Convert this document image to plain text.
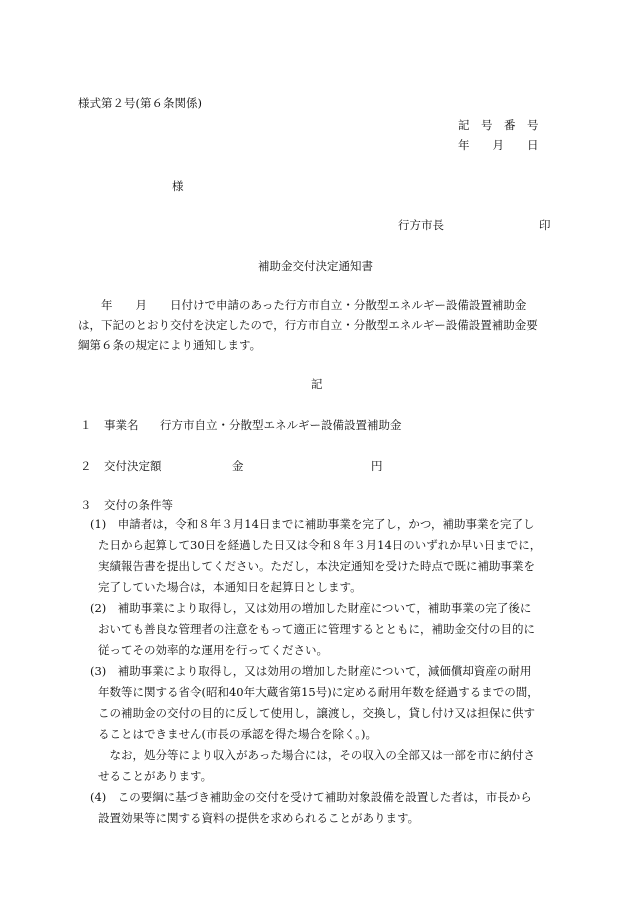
様式第２号(第６条関係)
記　号　番　号
年　　月　　日
様
行方市長	印
補助金交付決定通知書
　　年　　月　　日付けで申請のあった行方市自立・分散型エネルギー設備設置補助金
は，下記のとおり交付を決定したので，行方市自立・分散型エネルギー設備設置補助金要
綱第６条の規定により通知します。
記
１ 事業名 行方市自立・分散型エネルギー設備設置補助金
２ 交付決定額	金	円
３ 交付の条件等
(1)　申請者は，令和８年３月14日までに補助事業を完了し，かつ，補助事業を完了し
た日から起算して30日を経過した日又は令和８年３月14日のいずれか早い日までに，
実績報告書を提出してください。ただし，本決定通知を受けた時点で既に補助事業を
完了していた場合は，本通知日を起算日とします。
(2)　補助事業により取得し，又は効用の増加した財産について，補助事業の完了後に
おいても善良な管理者の注意をもって適正に管理するとともに，補助金交付の目的に
従ってその効率的な運用を行ってください。
(3)　補助事業により取得し，又は効用の増加した財産について，減価償却資産の耐用
年数等に関する省令(昭和40年大蔵省第15号)に定める耐用年数を経過するまでの間，
この補助金の交付の目的に反して使用し，譲渡し，交換し，貸し付け又は担保に供す
ることはできません(市長の承認を得た場合を除く。)。
　なお，処分等により収入があった場合には，その収入の全部又は一部を市に納付さ
せることがあります。
(4)　この要綱に基づき補助金の交付を受けて補助対象設備を設置した者は，市長から
設置効果等に関する資料の提供を求められることがあります。
